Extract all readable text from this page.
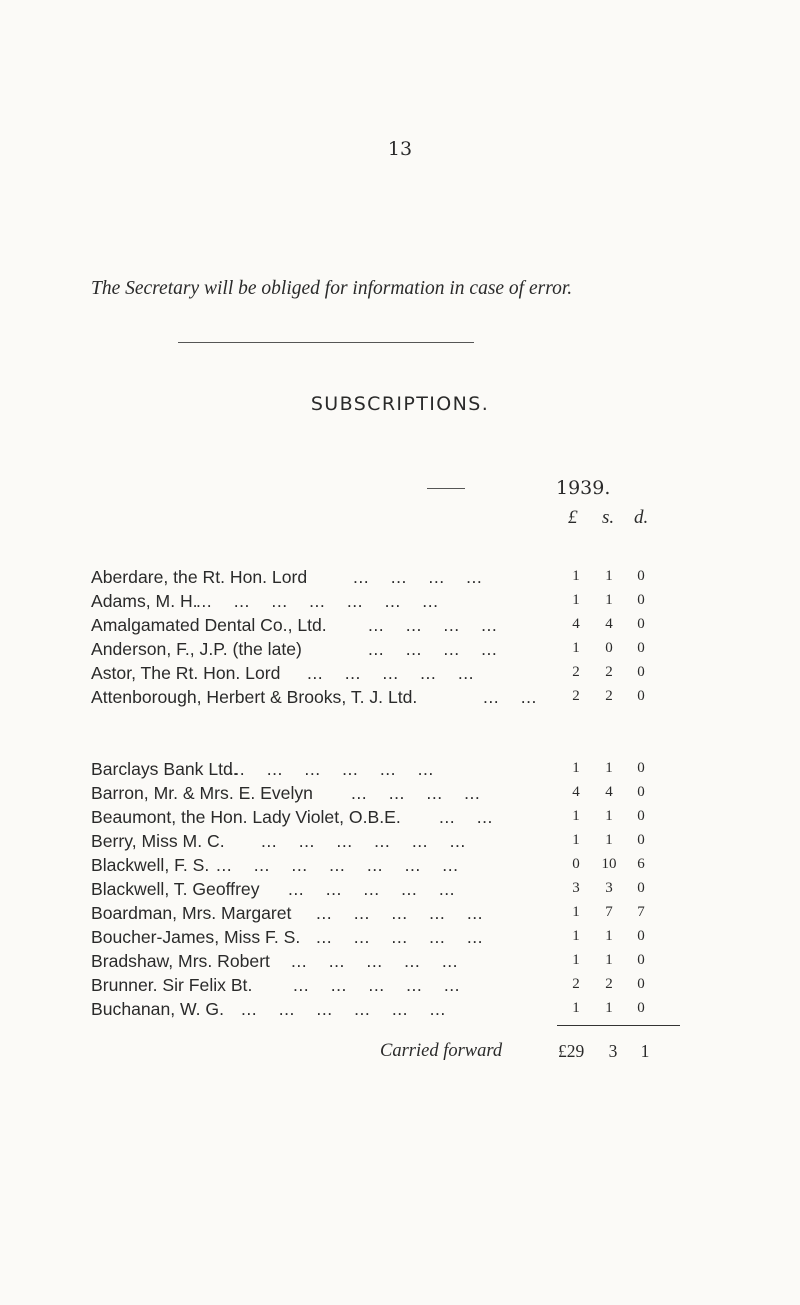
13
The Secretary will be obliged for information in case of error.
SUBSCRIPTIONS.
1939.
£ s. d.
...    ...    ...    ...
Aberdare, the Rt. Hon. Lord	1	1	0
...    ...    ...    ...    ...    ...    ...
Adams, M. H.	1	1	0
...    ...    ...    ...
Amalgamated Dental Co., Ltd.	4	4	0
...    ...    ...    ...
Anderson, F., J.P. (the late)	1	0	0
...    ...    ...    ...    ...
Astor, The Rt. Hon. Lord	2	2	0
...    ...
Attenborough, Herbert & Brooks, T. J. Ltd.	2	2	0
...    ...    ...    ...    ...    ...
Barclays Bank Ltd.	1	1	0
...    ...    ...    ...
Barron, Mr. & Mrs. E. Evelyn	4	4	0
...    ...
Beaumont, the Hon. Lady Violet, O.B.E.	1	1	0
...    ...    ...    ...    ...    ...
Berry, Miss M. C.	1	1	0
...    ...    ...    ...    ...    ...    ...
Blackwell, F. S.	0	10	6
...    ...    ...    ...    ...
Blackwell, T. Geoffrey	3	3	0
...    ...    ...    ...    ...
Boardman, Mrs. Margaret	1	7	7
...    ...    ...    ...    ...
Boucher-James, Miss F. S.	1	1	0
...    ...    ...    ...    ...
Bradshaw, Mrs. Robert	1	1	0
...    ...    ...    ...    ...
Brunner. Sir Felix Bt.	2	2	0
...    ...    ...    ...    ...    ...
Buchanan, W. G.	1	1	0
Carried forward	£29	3	1
